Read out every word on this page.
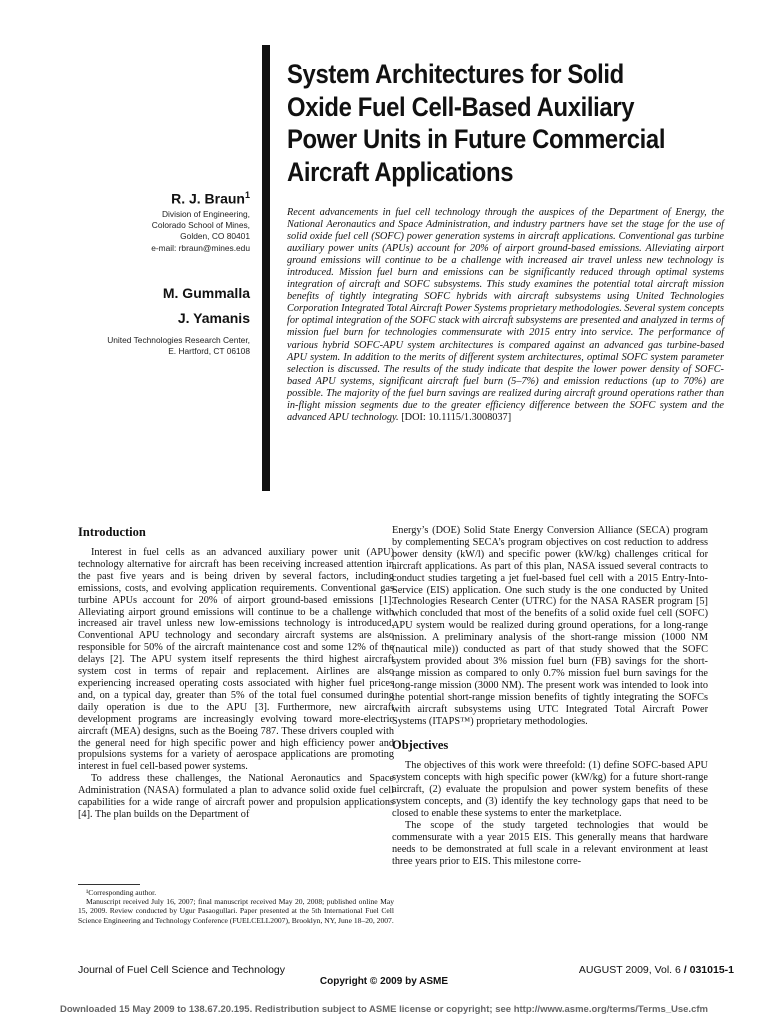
System Architectures for Solid Oxide Fuel Cell-Based Auxiliary Power Units in Future Commercial Aircraft Applications
R. J. Braun$^1$
Division of Engineering,
Colorado School of Mines,
Golden, CO 80401
e-mail: rbraun@mines.edu
M. Gummalla
J. Yamanis
United Technologies Research Center,
E. Hartford, CT 06108

Recent advancements in fuel cell technology through the auspices of the Department of Energy, the National Aeronautics and Space Administration, and industry partners have set the stage for the use of solid oxide fuel cell (SOFC) power generation systems in aircraft applications. Conventional gas turbine auxiliary power units (APUs) account for 20% of airport ground-based emissions. Alleviating airport ground emissions will continue to be a challenge with increased air travel unless new technology is introduced. Mission fuel burn and emissions can be significantly reduced through optimal systems integration of aircraft and SOFC subsystems. This study examines the potential total aircraft mission benefits of tightly integrating SOFC hybrids with aircraft subsystems using United Technologies Corporation Integrated Total Aircraft Power Systems proprietary methodologies. Several system concepts for optimal integration of the SOFC stack with aircraft subsystems are presented and analyzed in terms of mission fuel burn for technologies commensurate with 2015 entry into service. The performance of various hybrid SOFC-APU system architectures is compared against an advanced gas turbine-based APU system. In addition to the merits of different system architectures, optimal SOFC system parameter selection is discussed. The results of the study indicate that despite the lower power density of SOFC-based APU systems, significant aircraft fuel burn (5–7%) and emission reductions (up to 70%) are possible. The majority of the fuel burn savings are realized during aircraft ground operations rather than in-flight mission segments due to the greater efficiency difference between the SOFC system and the advanced APU technology. [DOI: 10.1115/1.3008037]

Introduction

Interest in fuel cells as an advanced auxiliary power unit (APU) technology alternative for aircraft has been receiving increased attention in the past five years and is being driven by several factors, including emissions, costs, and evolving application requirements. Conventional gas turbine APUs account for 20% of airport ground-based emissions [1]. Alleviating airport ground emissions will continue to be a challenge with increased air travel unless new low-emissions technology is introduced. Conventional APU technology and secondary aircraft systems are also responsible for 50% of the aircraft maintenance cost and some 12% of the delays [2]. The APU system itself represents the third highest aircraft system cost in terms of repair and replacement. Airlines are also experiencing increased operating costs associated with higher fuel prices and, on a typical day, greater than 5% of the total fuel consumed during daily operation is due to the APU [3]. Furthermore, new aircraft development programs are increasingly evolving toward more-electric aircraft (MEA) designs, such as the Boeing 787. These drivers coupled with the general need for high specific power and high efficiency power and propulsions systems for a variety of aerospace applications are promoting interest in fuel cell-based power systems.

To address these challenges, the National Aeronautics and Space Administration (NASA) formulated a plan to advance solid oxide fuel cell capabilities for a wide range of aircraft power and propulsion applications [4]. The plan builds on the Department of

Energy’s (DOE) Solid State Energy Conversion Alliance (SECA) program by complementing SECA’s program objectives on cost reduction to address power density (kW/l) and specific power (kW/kg) challenges critical for aircraft applications. As part of this plan, NASA issued several contracts to conduct studies targeting a jet fuel-based fuel cell with a 2015 Entry-Into-Service (EIS) application. One such study is the one conducted by United Technologies Research Center (UTRC) for the NASA RASER program [5] which concluded that most of the benefits of a solid oxide fuel cell (SOFC) APU system would be realized during ground operations, for a long-range mission. A preliminary analysis of the short-range mission (1000 NM (nautical mile)) conducted as part of that study showed that the SOFC system provided about 3% mission fuel burn (FB) savings for the short-range mission as compared to only 0.7% mission fuel burn savings for the long-range mission (3000 NM). The present work was intended to look into the potential short-range mission benefits of tightly integrating the SOFCs with aircraft subsystems using UTC Integrated Total Aircraft Power Systems (ITAPS™) proprietary methodologies.

Objectives

The objectives of this work were threefold: (1) define SOFC-based APU system concepts with high specific power (kW/kg) for a future short-range aircraft, (2) evaluate the propulsion and power system benefits of these system concepts, and (3) identify the key technology gaps that need to be closed to enable these systems to enter the marketplace.

The scope of the study targeted technologies that would be commensurate with a year 2015 EIS. This generally means that hardware needs to be demonstrated at full scale in a relevant environment at least three years prior to EIS. This milestone corre-

¹Corresponding author.

Manuscript received July 16, 2007; final manuscript received May 20, 2008; published online May 15, 2009. Review conducted by Ugur Pasaogullari. Paper presented at the 5th International Fuel Cell Science Engineering and Technology Conference (FUELCELL2007), Brooklyn, NY, June 18–20, 2007.

Journal of Fuel Cell Science and Technology	AUGUST 2009, Vol. 6 / 031015-1
Copyright © 2009 by ASME
Downloaded 15 May 2009 to 138.67.20.195. Redistribution subject to ASME license or copyright; see http://www.asme.org/terms/Terms_Use.cfm
